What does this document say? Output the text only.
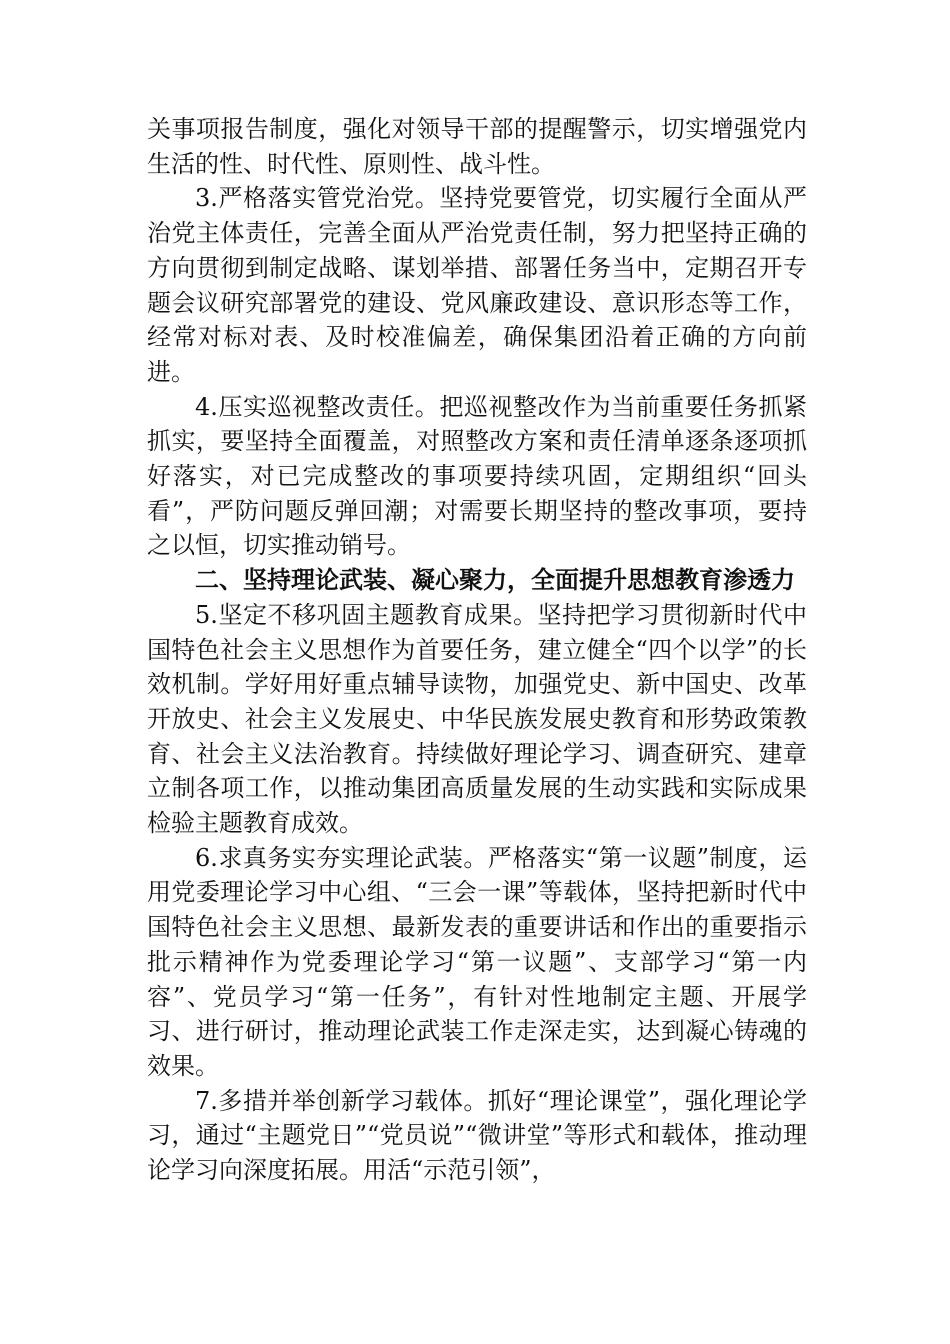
关事项报告制度，强化对领导干部的提醒警示，切实增强党内生活的性、时代性、原则性、战斗性。

3.严格落实管党治党。坚持党要管党，切实履行全面从严治党主体责任，完善全面从严治党责任制，努力把坚持正确的方向贯彻到制定战略、谋划举措、部署任务当中，定期召开专题会议研究部署党的建设、党风廉政建设、意识形态等工作，经常对标对表、及时校准偏差，确保集团沿着正确的方向前进。

4.压实巡视整改责任。把巡视整改作为当前重要任务抓紧抓实，要坚持全面覆盖，对照整改方案和责任清单逐条逐项抓好落实，对已完成整改的事项要持续巩固，定期组织“回头看”，严防问题反弹回潮；对需要长期坚持的整改事项，要持之以恒，切实推动销号。

二、坚持理论武装、凝心聚力，全面提升思想教育渗透力

5.坚定不移巩固主题教育成果。坚持把学习贯彻新时代中国特色社会主义思想作为首要任务，建立健全“四个以学”的长效机制。学好用好重点辅导读物，加强党史、新中国史、改革开放史、社会主义发展史、中华民族发展史教育和形势政策教育、社会主义法治教育。持续做好理论学习、调查研究、建章立制各项工作，以推动集团高质量发展的生动实践和实际成果检验主题教育成效。

6.求真务实夯实理论武装。严格落实“第一议题”制度，运用党委理论学习中心组、“三会一课”等载体，坚持把新时代中国特色社会主义思想、最新发表的重要讲话和作出的重要指示批示精神作为党委理论学习“第一议题”、支部学习“第一内容”、党员学习“第一任务”，有针对性地制定主题、开展学习、进行研讨，推动理论武装工作走深走实，达到凝心铸魂的效果。

7.多措并举创新学习载体。抓好“理论课堂”，强化理论学习，通过“主题党日”“党员说”“微讲堂”等形式和载体，推动理论学习向深度拓展。用活“示范引领”，
